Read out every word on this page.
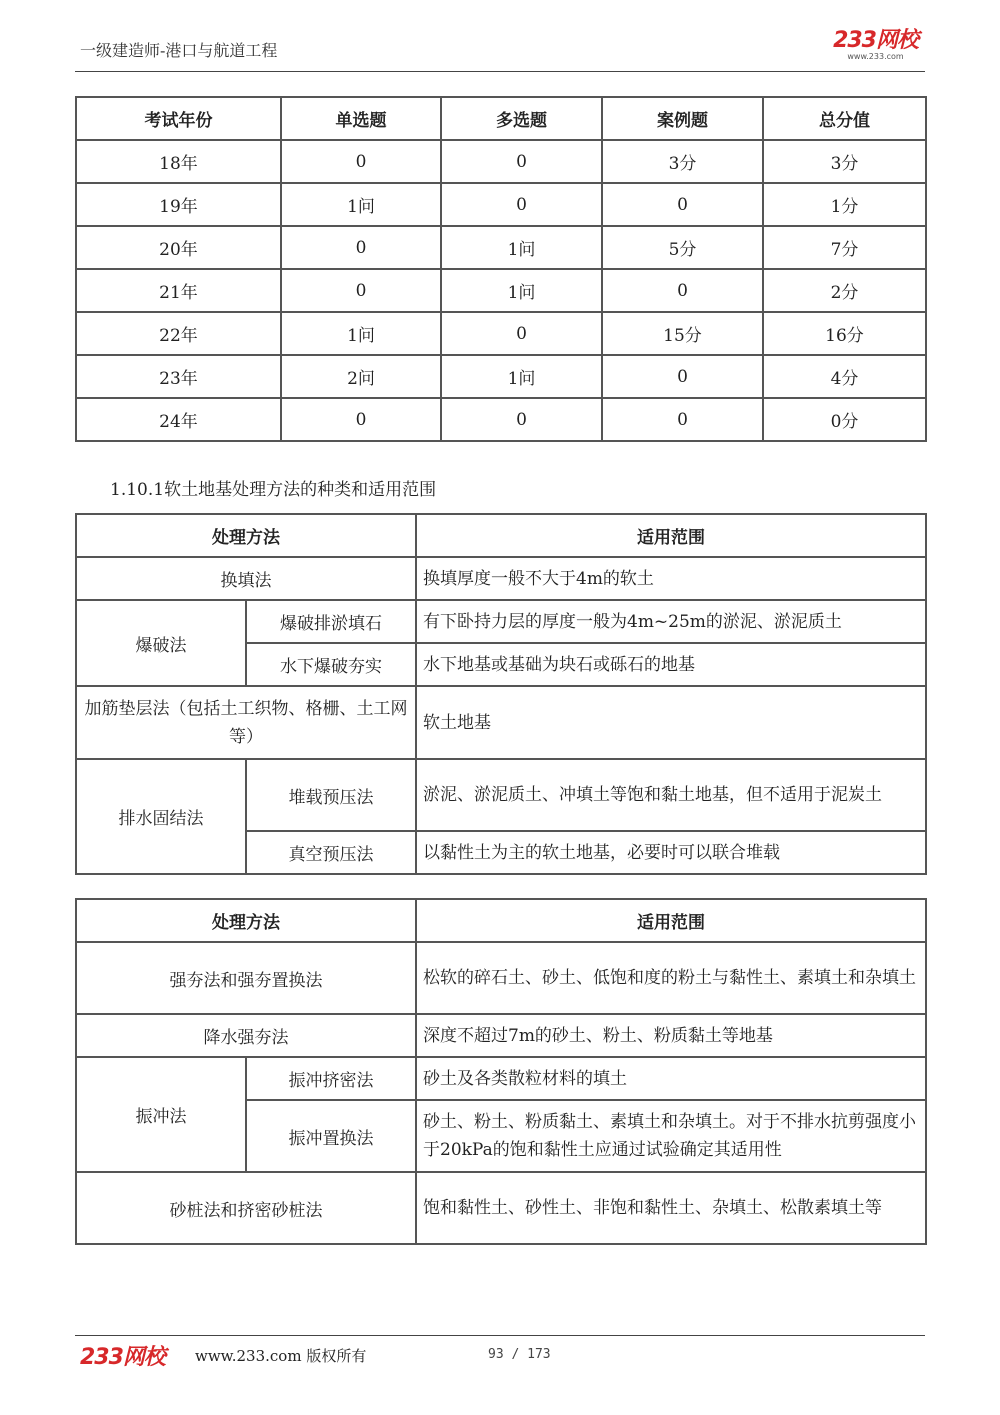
一级建造师-港口与航道工程	233网校
www.233.com
考试年份	单选题	多选题	案例题	总分值
18年	0	0	3分	3分
19年	1问	0	0	1分
20年	0	1问	5分	7分
21年	0	1问	0	2分
22年	1问	0	15分	16分
23年	2问	1问	0	4分
24年	0	0	0	0分
1.10.1软土地基处理方法的种类和适用范围
处理方法		适用范围
换填法		换填厚度一般不大于4m的软土
爆破法	爆破排淤填石	有下卧持力层的厚度一般为4m~25m的淤泥、淤泥质土
	水下爆破夯实	水下地基或基础为块石或砾石的地基
加筋垫层法（包括土工织物、格栅、土工网等）		软土地基
排水固结法	堆载预压法	淤泥、淤泥质土、冲填土等饱和黏土地基，但不适用于泥炭土
	真空预压法	以黏性土为主的软土地基，必要时可以联合堆载
处理方法		适用范围
强夯法和强夯置换法		松软的碎石土、砂土、低饱和度的粉土与黏性土、素填土和杂填土
降水强夯法		深度不超过7m的砂土、粉土、粉质黏土等地基
振冲法	振冲挤密法	砂土及各类散粒材料的填土
	振冲置换法	砂土、粉土、粉质黏土、素填土和杂填土。对于不排水抗剪强度小于20kPa的饱和黏性土应通过试验确定其适用性
砂桩法和挤密砂桩法		饱和黏性土、砂性土、非饱和黏性土、杂填土、松散素填土等
233网校 www.233.com 版权所有	93 / 173
